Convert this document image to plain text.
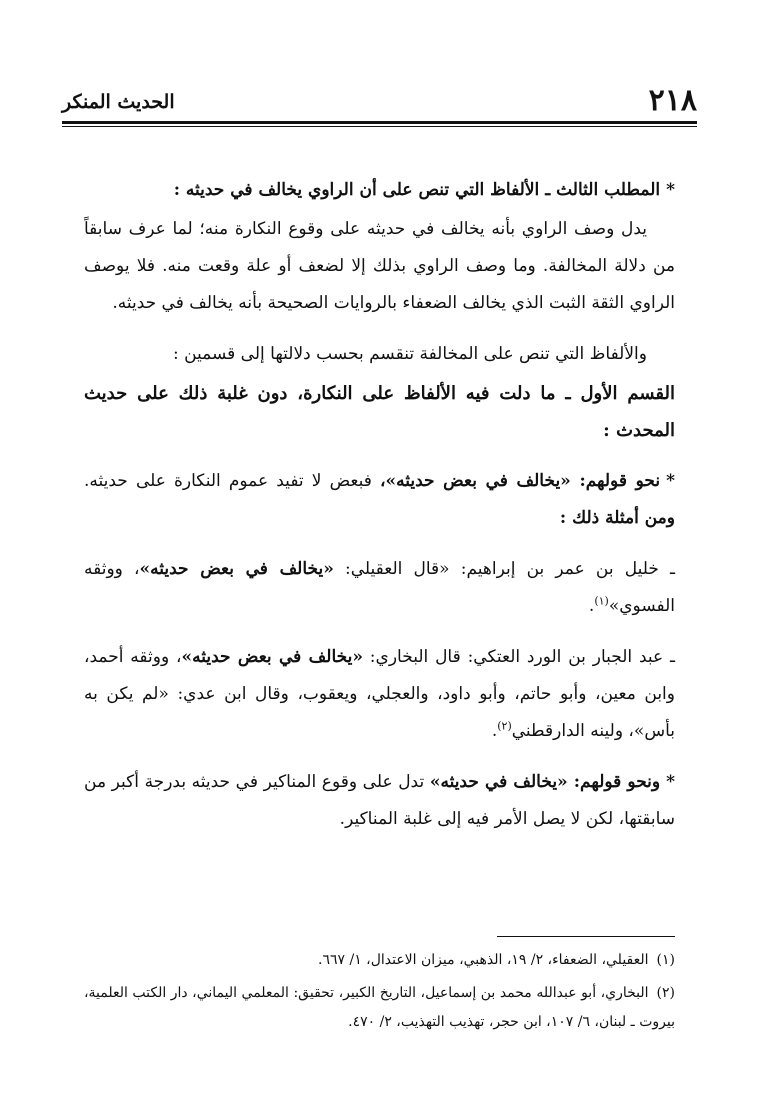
٢١٨
الحديث المنكر

*المطلب الثالث ـ الألفاظ التي تنص على أن الراوي يخالف في حديثه :

يدل وصف الراوي بأنه يخالف في حديثه على وقوع النكارة منه؛ لما عرف سابقاً من دلالة المخالفة. وما وصف الراوي بذلك إلا لضعف أو علة وقعت منه. فلا يوصف الراوي الثقة الثبت الذي يخالف الضعفاء بالروايات الصحيحة بأنه يخالف في حديثه.

والألفاظ التي تنص على المخالفة تنقسم بحسب دلالتها إلى قسمين :

القسم الأول ـ ما دلت فيه الألفاظ على النكارة، دون غلبة ذلك على حديث المحدث :

*نحو قولهم: «يخالف في بعض حديثه»، فبعض لا تفيد عموم النكارة على حديثه. ومن أمثلة ذلك :

ـ خليل بن عمر بن إبراهيم: «قال العقيلي: «يخالف في بعض حديثه»، ووثقه الفسوي»$^{(١)}$.

ـ عبد الجبار بن الورد العتكي: قال البخاري: «يخالف في بعض حديثه»، ووثقه أحمد، وابن معين، وأبو حاتم، وأبو داود، والعجلي، ويعقوب، وقال ابن عدي: «لم يكن به بأس»، ولينه الدارقطني$^{(٢)}$.

*ونحو قولهم: «يخالف في حديثه» تدل على وقوع المناكير في حديثه بدرجة أكبر من سابقتها، لكن لا يصل الأمر فيه إلى غلبة المناكير.

(١)العقيلي، الضعفاء، ٢/ ١٩، الذهبي، ميزان الاعتدال، ١/ ٦٦٧.

(٢)البخاري، أبو عبدالله محمد بن إسماعيل، التاريخ الكبير، تحقيق: المعلمي اليماني، دار الكتب العلمية، بيروت ـ لبنان، ٦/ ١٠٧، ابن حجر، تهذيب التهذيب، ٢/ ٤٧٠.
